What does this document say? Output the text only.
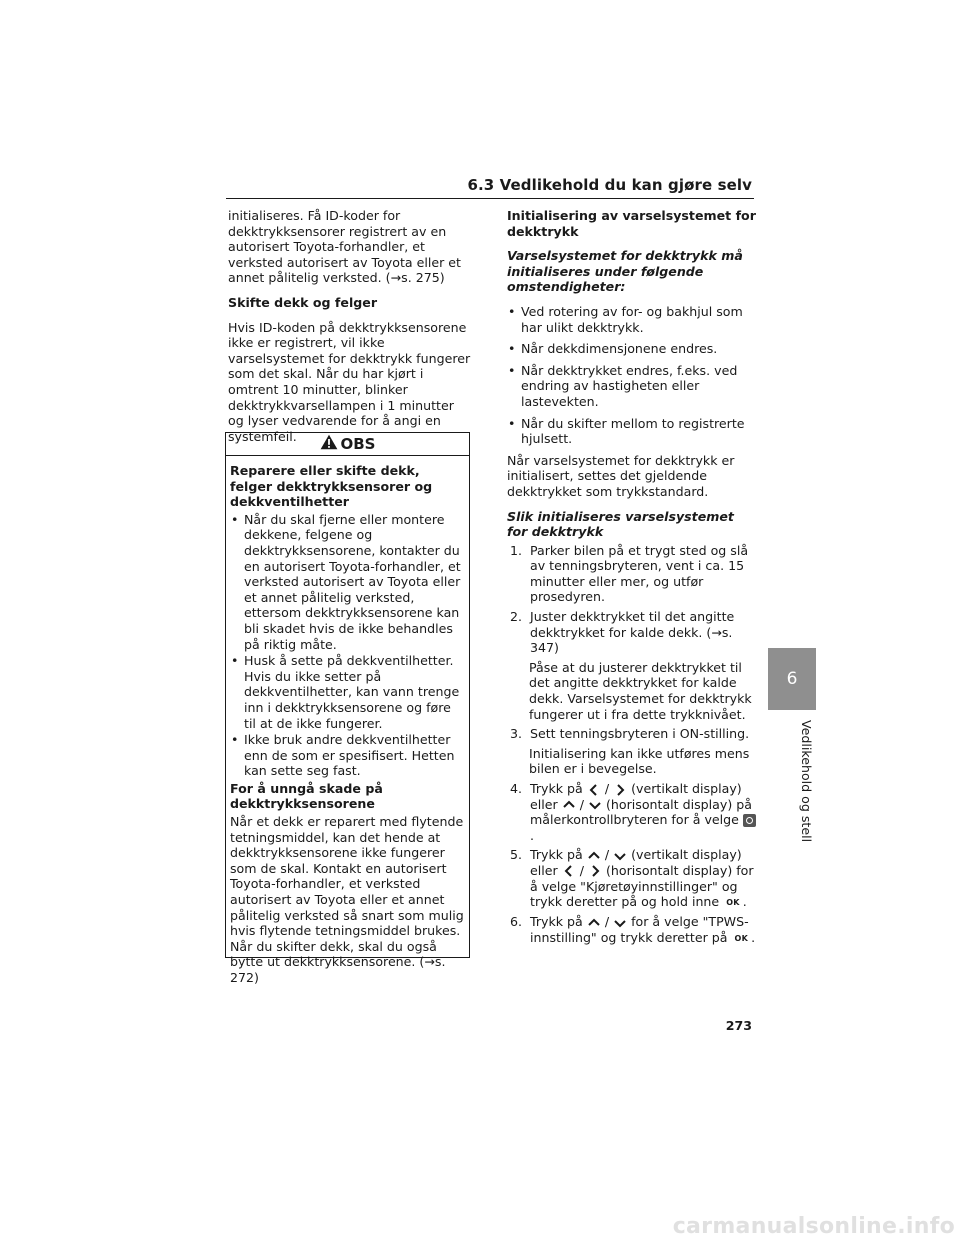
6.3 Vedlikehold du kan gjøre selv

initialiseres. Få ID-koder for dekktrykksensorer registrert av en autorisert Toyota-forhandler, et verksted autorisert av Toyota eller et annet pålitelig verksted. (→s. 275)

Skifte dekk og felger

Hvis ID-koden på dekktrykksensorene ikke er registrert, vil ikke varselsystemet for dekktrykk fungerer som det skal. Når du har kjørt i omtrent 10 minutter, blinker dekktrykkvarsellampen i 1 minutter og lyser vedvarende for å angi en systemfeil.	OBS

Reparere eller skifte dekk, felger dekktrykksensorer og dekkventilhetter

• Når du skal fjerne eller montere dekkene, felgene og dekktrykksensorene, kontakter du en autorisert Toyota-forhandler, et verksted autorisert av Toyota eller et annet pålitelig verksted, ettersom dekktrykksensorene kan bli skadet hvis de ikke behandles på riktig måte.
• Husk å sette på dekkventilhetter. Hvis du ikke setter på dekkventilhetter, kan vann trenge inn i dekktrykksensorene og føre til at de ikke fungerer.
• Ikke bruk andre dekkventilhetter enn de som er spesifisert. Hetten kan sette seg fast.

For å unngå skade på dekktrykksensorene

Når et dekk er reparert med flytende tetningsmiddel, kan det hende at dekktrykksensorene ikke fungerer som de skal. Kontakt en autorisert Toyota-forhandler, et verksted autorisert av Toyota eller et annet pålitelig verksted så snart som mulig hvis flytende tetningsmiddel brukes. Når du skifter dekk, skal du også bytte ut dekktrykksensorene. (→s. 272)

Initialisering av varselsystemet for dekktrykk

Varselsystemet for dekktrykk må initialiseres under følgende omstendigheter:

• Ved rotering av for- og bakhjul som har ulikt dekktrykk.
• Når dekkdimensjonene endres.
• Når dekktrykket endres, f.eks. ved endring av hastigheten eller lastevekten.
• Når du skifter mellom to registrerte hjulsett.

Når varselsystemet for dekktrykk er initialisert, settes det gjeldende dekktrykket som trykkstandard.

Slik initialiseres varselsystemet for dekktrykk

1. Parker bilen på et trygt sted og slå av tenningsbryteren, vent i ca. 15 minutter eller mer, og utfør prosedyren.
2. Juster dekktrykket til det angitte dekktrykket for kalde dekk. (→s. 347)
Påse at du justerer dekktrykket til det angitte dekktrykket for kalde dekk. Varselsystemet for dekktrykk fungerer ut i fra dette trykknivået.
3. Sett tenningsbryteren i ON-stilling.
Initialisering kan ikke utføres mens bilen er i bevegelse.
4. Trykk på / (vertikalt display) eller / (horisontalt display) på målerkontrollbryteren for å velge .
5. Trykk på / (vertikalt display) eller / (horisontalt display) for å velge "Kjøretøyinnstillinger" og trykk deretter på og hold inne OK .
6. Trykk på / for å velge "TPWS-innstilling" og trykk deretter på OK .
6
Vedlikehold og stell
273
carmanualsonline.info
